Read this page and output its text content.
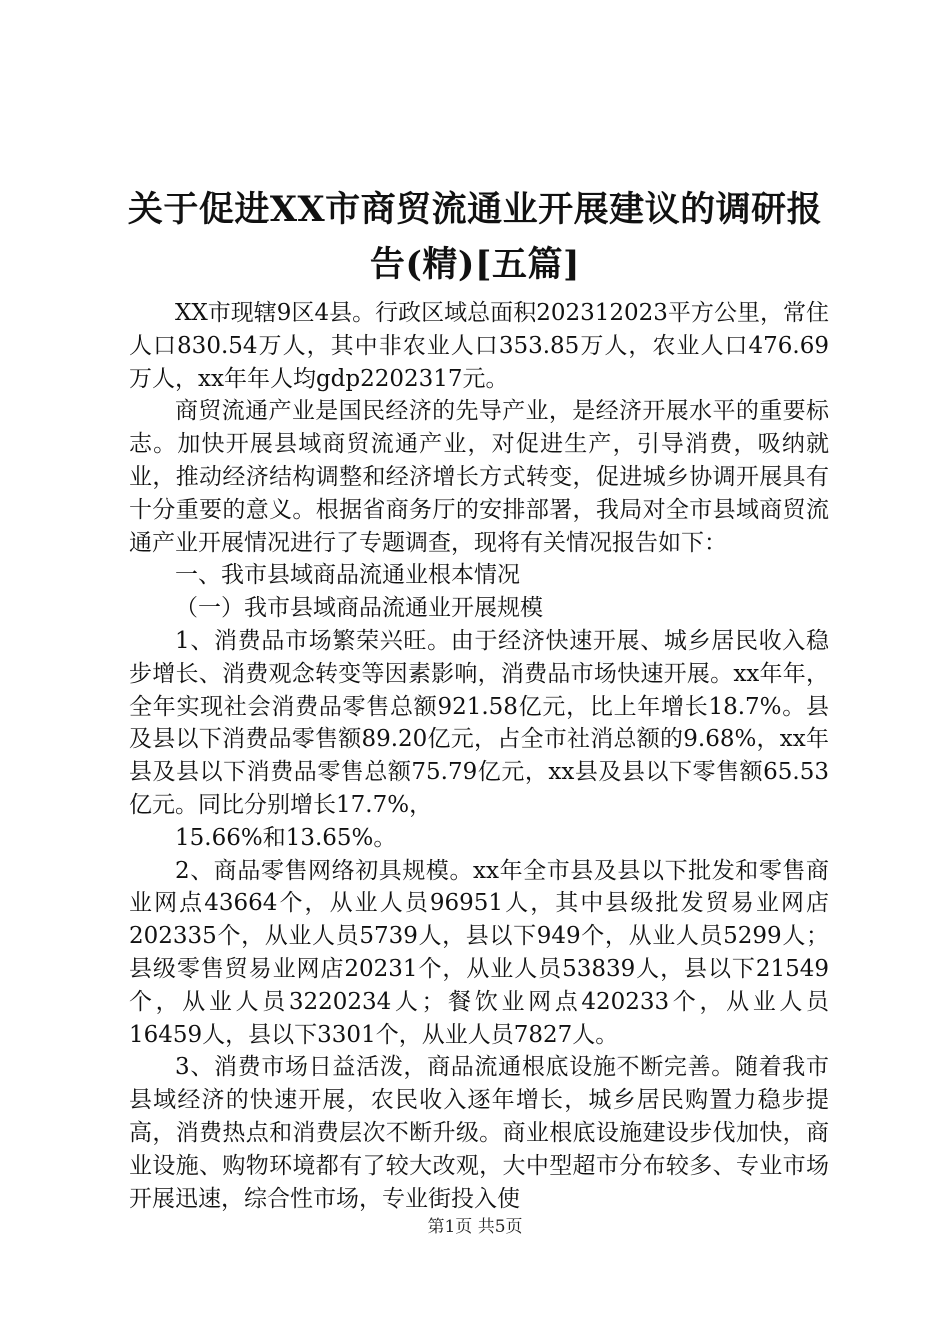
关于促进XX市商贸流通业开展建议的调研报
告(精)[五篇]

XX市现辖9区4县。行政区域总面积202312023平方公里，常住人口830.54万人，其中非农业人口353.85万人，农业人口476.69万人，xx年年人均gdp2202317元。

商贸流通产业是国民经济的先导产业，是经济开展水平的重要标志。加快开展县域商贸流通产业，对促进生产，引导消费，吸纳就业，推动经济结构调整和经济增长方式转变，促进城乡协调开展具有十分重要的意义。根据省商务厅的安排部署，我局对全市县域商贸流通产业开展情况进行了专题调查，现将有关情况报告如下：

一、我市县域商品流通业根本情况

（一）我市县域商品流通业开展规模

1、消费品市场繁荣兴旺。由于经济快速开展、城乡居民收入稳步增长、消费观念转变等因素影响，消费品市场快速开展。xx年年，全年实现社会消费品零售总额921.58亿元，比上年增长18.7%。县及县以下消费品零售额89.20亿元，占全市社消总额的9.68%，xx年县及县以下消费品零售总额75.79亿元，xx县及县以下零售额65.53亿元。同比分别增长17.7%，

15.66%和13.65%。

2、商品零售网络初具规模。xx年全市县及县以下批发和零售商业网点43664个，从业人员96951人，其中县级批发贸易业网店202335个，从业人员5739人，县以下949个，从业人员5299人；县级零售贸易业网店20231个，从业人员53839人，县以下21549个，从业人员3220234人；餐饮业网点420233个，从业人员16459人，县以下3301个，从业人员7827人。

3、消费市场日益活泼，商品流通根底设施不断完善。随着我市县域经济的快速开展，农民收入逐年增长，城乡居民购置力稳步提高，消费热点和消费层次不断升级。商业根底设施建设步伐加快，商业设施、购物环境都有了较大改观，大中型超市分布较多、专业市场开展迅速，综合性市场，专业街投入使

第1页 共5页
